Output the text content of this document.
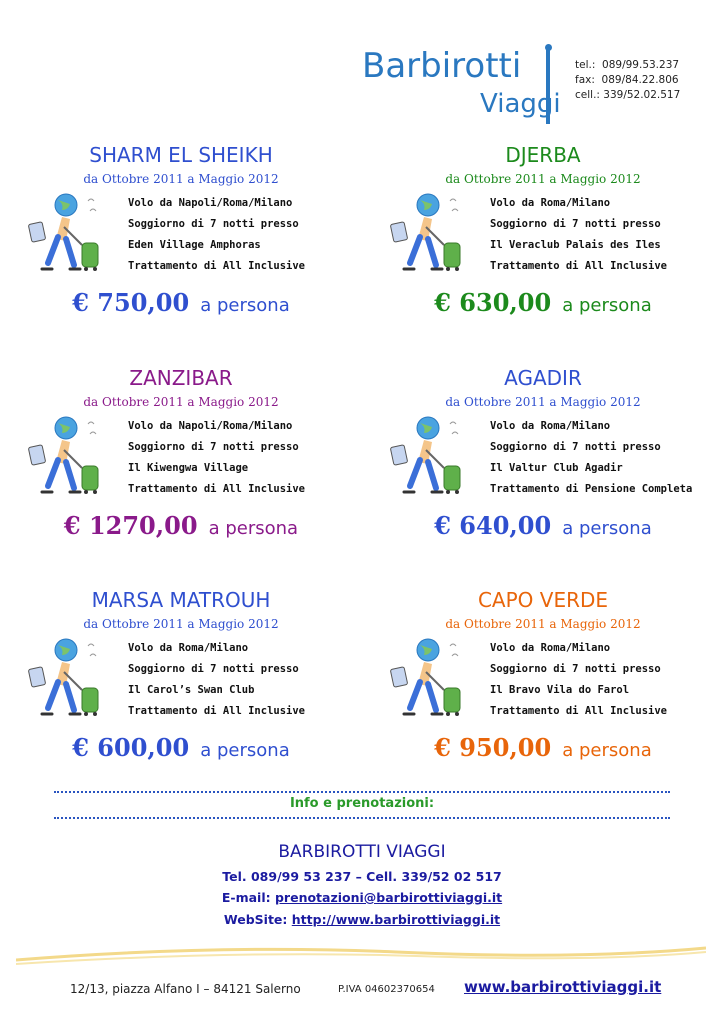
Barbirotti
Viaggi
tel.:  089/99.53.237
fax:  089/84.22.806
cell.: 339/52.02.517
SHARM EL SHEIKH
da Ottobre 2011 a Maggio 2012
Volo da Napoli/Roma/Milano
Soggiorno di 7 notti presso
Eden Village Amphoras
Trattamento di All Inclusive
€ 750,00 a persona
DJERBA
da Ottobre 2011 a Maggio 2012
Volo da Roma/Milano
Soggiorno di 7 notti presso
Il Veraclub Palais des Iles
Trattamento di All Inclusive
€ 630,00 a persona
ZANZIBAR
da Ottobre 2011 a Maggio 2012
Volo da Napoli/Roma/Milano
Soggiorno di 7 notti presso
Il Kiwengwa Village
Trattamento di All Inclusive
€ 1270,00 a persona
AGADIR
da Ottobre 2011 a Maggio 2012
Volo da Roma/Milano
Soggiorno di 7 notti presso
Il Valtur Club Agadir
Trattamento di Pensione Completa
€ 640,00 a persona
MARSA MATROUH
da Ottobre 2011 a Maggio 2012
Volo da Roma/Milano
Soggiorno di 7 notti presso
Il Carol’s Swan Club
Trattamento di All Inclusive
€ 600,00 a persona
CAPO VERDE
da Ottobre 2011 a Maggio 2012
Volo da Roma/Milano
Soggiorno di 7 notti presso
Il Bravo Vila do Farol
Trattamento di All Inclusive
€ 950,00 a persona
Info e prenotazioni:
BARBIROTTI VIAGGI
Tel. 089/99 53 237 – Cell. 339/52 02 517
E-mail: prenotazioni@barbirottiviaggi.it
WebSite: http://www.barbirottiviaggi.it
12/13, piazza Alfano I – 84121 Salerno	P.IVA 04602370654 www.barbirottiviaggi.it
